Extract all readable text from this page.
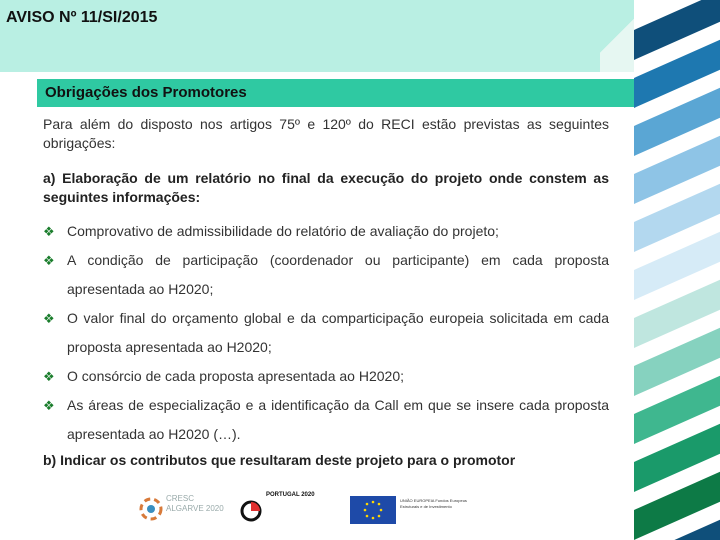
AVISO Nº 11/SI/2015
Obrigações dos Promotores

Para além do disposto nos artigos 75º e 120º do RECI estão previstas as seguintes obrigações:

a) Elaboração de um relatório no final da execução do projeto onde constem as seguintes informações:

❖ Comprovativo de admissibilidade do relatório de avaliação do projeto;
❖ A condição de participação (coordenador ou participante) em cada proposta apresentada ao H2020;
❖ O valor final do orçamento global e da comparticipação europeia solicitada em cada proposta apresentada ao H2020;
❖ O consórcio de cada proposta apresentada ao H2020;
❖ As áreas de especialização e a identificação da Call em que se insere cada proposta apresentada ao H2020 (…).

b) Indicar os contributos que resultaram deste projeto para o promotor

CRESC ALGARVE 2020
PORTUGAL 2020
UNIÃO EUROPEIA Fundos Europeus Estruturais e de Investimento
